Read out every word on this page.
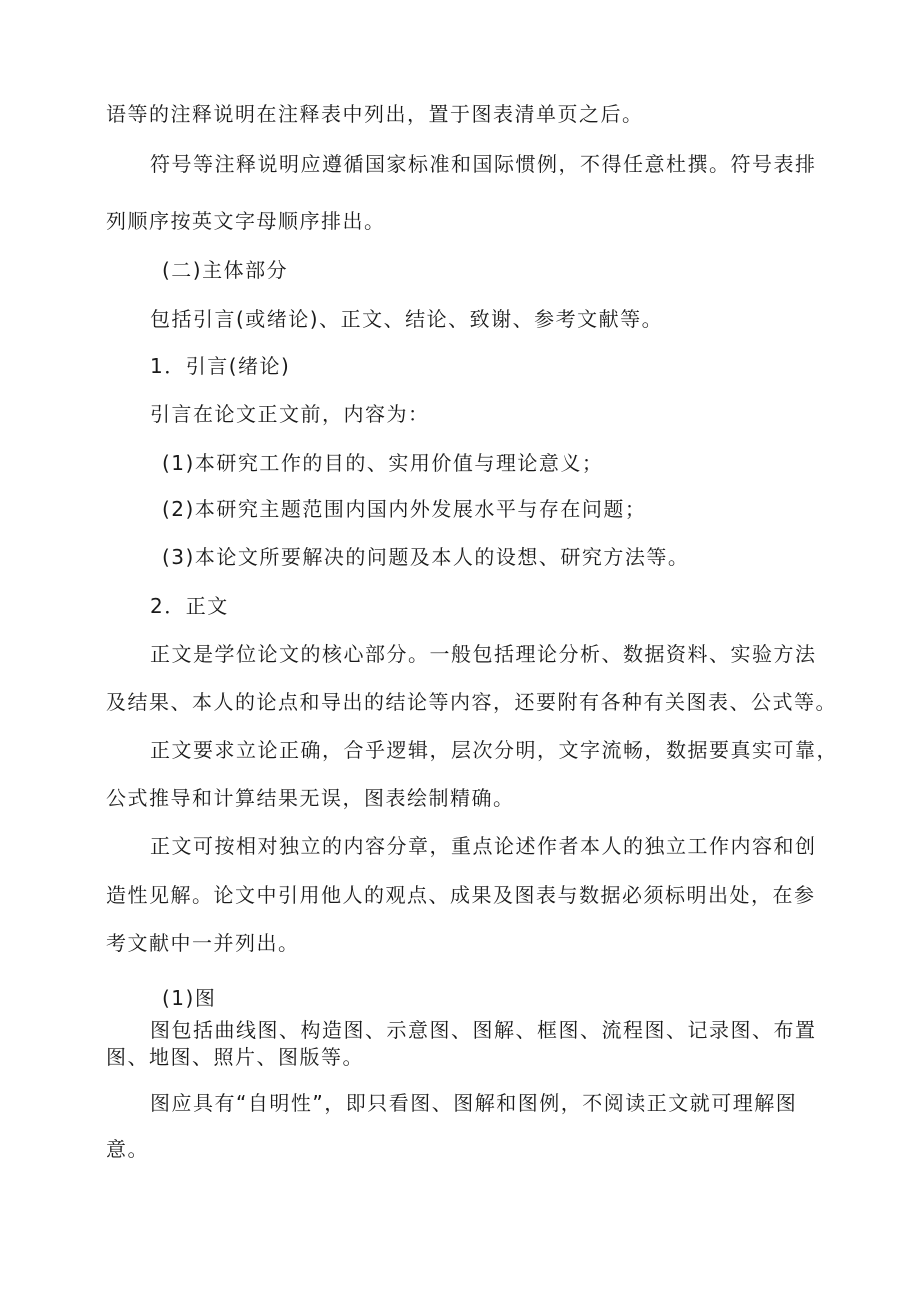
语等的注释说明在注释表中列出，置于图表清单页之后。

符号等注释说明应遵循国家标准和国际惯例，不得任意杜撰。符号表排

列顺序按英文字母顺序排出。

(二)主体部分

包括引言(或绪论)、正文、结论、致谢、参考文献等。

1．引言(绪论)

引言在论文正文前，内容为：

(1)本研究工作的目的、实用价值与理论意义；

(2)本研究主题范围内国内外发展水平与存在问题；

(3)本论文所要解决的问题及本人的设想、研究方法等。

2．正文

正文是学位论文的核心部分。一般包括理论分析、数据资料、实验方法

及结果、本人的论点和导出的结论等内容，还要附有各种有关图表、公式等。

正文要求立论正确，合乎逻辑，层次分明，文字流畅，数据要真实可靠，

公式推导和计算结果无误，图表绘制精确。

正文可按相对独立的内容分章，重点论述作者本人的独立工作内容和创

造性见解。论文中引用他人的观点、成果及图表与数据必须标明出处，在参

考文献中一并列出。

(1)图

图包括曲线图、构造图、示意图、图解、框图、流程图、记录图、布置

图、地图、照片、图版等。

图应具有“自明性”，即只看图、图解和图例，不阅读正文就可理解图

意。
